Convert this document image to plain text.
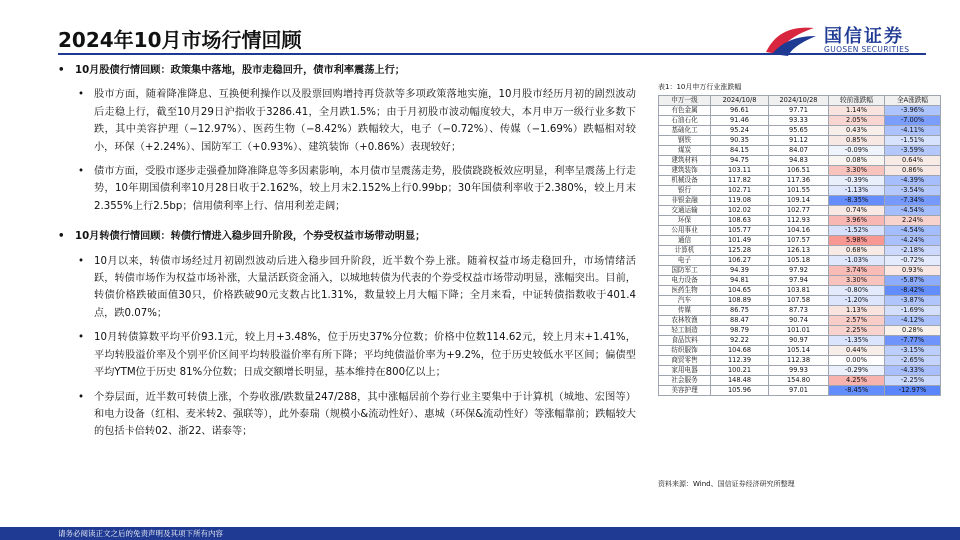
2024年10月市场行情回顾	国信证券
GUOSEN SECURITIES
• 10月股债行情回顾：政策集中落地，股市走稳回升，债市利率震荡上行；
• 股市方面，随着降准降息、互换便利操作以及股票回购增持再贷款等多项政策落地实施，10月股市经历月初的剧烈波动后走稳上行，截至10月29日沪指收于3286.41，全月跌1.5%；由于月初股市波动幅度较大，本月申万一级行业多数下跌，其中美容护理（−12.97%）、医药生物（−8.42%）跌幅较大，电子（−0.72%）、传媒（−1.69%）跌幅相对较小，环保（+2.24%）、国防军工（+0.93%）、建筑装饰（+0.86%）表现较好；
• 债市方面，受股市逐步走强叠加降准降息等多因素影响，本月债市呈震荡走势，股债跷跷板效应明显，利率呈震荡上行走势，10年期国债利率10月28日收于2.162%，较上月末2.152%上行0.99bp；30年国债利率收于2.380%，较上月末2.355%上行2.5bp；信用债利率上行、信用利差走阔；
• 10月转债行情回顾：转债行情进入稳步回升阶段，个券受权益市场带动明显；
• 10月以来，转债市场经过月初剧烈波动后进入稳步回升阶段，近半数个券上涨。随着权益市场走稳回升，市场情绪活跃，转债市场作为权益市场补涨，大量活跃资金涌入，以城地转债为代表的个券受权益市场带动明显，涨幅突出。目前，转债价格跌破面值30只，价格跌破90元支数占比1.31%，数量较上月大幅下降；全月来看，中证转债指数收于401.4点，跌0.07%；
• 10月转债算数平均平价93.1元，较上月+3.48%，位于历史37%分位数；价格中位数114.62元，较上月末+1.41%，平均转股溢价率及个别平价区间平均转股溢价率有所下降；平均纯债溢价率为+9.2%，位于历史较低水平区间；偏债型平均YTM位于历史 81%分位数；日成交额增长明显，基本维持在800亿以上；
• 个券层面，近半数可转债上涨，个券收涨/跌数量247/288，其中涨幅居前个券行业主要集中于计算机（城地、宏图等）和电力设备（红相、麦米转2、强联等），此外泰瑞（规模小&流动性好）、惠城（环保&流动性好）等涨幅靠前；跌幅较大的包括卡倍转02、浙22、诺泰等；
表1：10月申万行业涨跌幅
申万一级	2024/10/8	2024/10/28	较前涨跌幅	全A涨跌幅
有色金属	96.61	97.71	1.14%	-3.96%
石油石化	91.46	93.33	2.05%	-7.00%
基础化工	95.24	95.65	0.43%	-4.11%
钢铁	90.35	91.12	0.85%	-1.51%
煤炭	84.15	84.07	-0.09%	-3.59%
建筑材料	94.75	94.83	0.08%	0.64%
建筑装饰	103.11	106.51	3.30%	0.86%
机械设备	117.82	117.36	-0.39%	-4.39%
银行	102.71	101.55	-1.13%	-3.54%
非银金融	119.08	109.14	-8.35%	-7.34%
交通运输	102.02	102.77	0.74%	-4.54%
环保	108.63	112.93	3.96%	2.24%
公用事业	105.77	104.16	-1.52%	-4.54%
通信	101.49	107.57	5.98%	-4.24%
计算机	125.28	126.13	0.68%	-2.18%
电子	106.27	105.18	-1.03%	-0.72%
国防军工	94.39	97.92	3.74%	0.93%
电力设备	94.81	97.94	3.30%	-5.87%
医药生物	104.65	103.81	-0.80%	-8.42%
汽车	108.89	107.58	-1.20%	-3.87%
传媒	86.75	87.73	1.13%	-1.69%
农林牧渔	88.47	90.74	2.57%	-4.12%
轻工制造	98.79	101.01	2.25%	0.28%
食品饮料	92.22	90.97	-1.35%	-7.77%
纺织服饰	104.68	105.14	0.44%	-3.15%
商贸零售	112.39	112.38	0.00%	-2.65%
家用电器	100.21	99.93	-0.29%	-4.33%
社会服务	148.48	154.80	4.25%	-2.25%
美容护理	105.96	97.01	-8.45%	-12.97%
资料来源：Wind、国信证券经济研究所整理
请务必阅读正文之后的免责声明及其项下所有内容
